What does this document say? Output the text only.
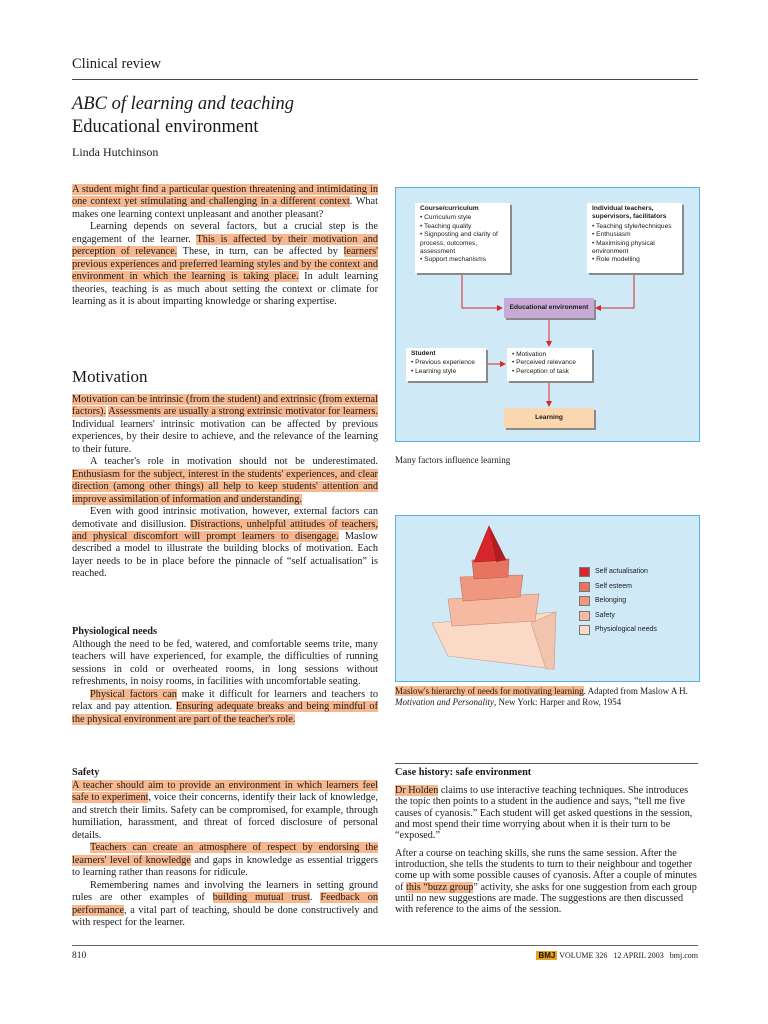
Clinical review
ABC of learning and teaching
Educational environment
Linda Hutchinson

A student might find a particular question threatening and intimidating in one context yet stimulating and challenging in a different context. What makes one learning context unpleasant and another pleasant?

Learning depends on several factors, but a crucial step is the engagement of the learner. This is affected by their motivation and perception of relevance. These, in turn, can be affected by learners' previous experiences and preferred learning styles and by the context and environment in which the learning is taking place. In adult learning theories, teaching is as much about setting the context or climate for learning as it is about imparting knowledge or sharing expertise.

Motivation

Motivation can be intrinsic (from the student) and extrinsic (from external factors). Assessments are usually a strong extrinsic motivator for learners. Individual learners' intrinsic motivation can be affected by previous experiences, by their desire to achieve, and the relevance of the learning to their future.

A teacher's role in motivation should not be underestimated. Enthusiasm for the subject, interest in the students' experiences, and clear direction (among other things) all help to keep students' attention and improve assimilation of information and understanding.

Even with good intrinsic motivation, however, external factors can demotivate and disillusion. Distractions, unhelpful attitudes of teachers, and physical discomfort will prompt learners to disengage. Maslow described a model to illustrate the building blocks of motivation. Each layer needs to be in place before the pinnacle of “self actualisation” is reached.

Physiological needs

Although the need to be fed, watered, and comfortable seems trite, many teachers will have experienced, for example, the difficulties of running sessions in cold or overheated rooms, in long sessions without refreshments, in noisy rooms, in facilities with uncomfortable seating.

Physical factors can make it difficult for learners and teachers to relax and pay attention. Ensuring adequate breaks and being mindful of the physical environment are part of the teacher's role.

Safety

A teacher should aim to provide an environment in which learners feel safe to experiment, voice their concerns, identify their lack of knowledge, and stretch their limits. Safety can be compromised, for example, through humiliation, harassment, and threat of forced disclosure of personal details.

Teachers can create an atmosphere of respect by endorsing the learners' level of knowledge and gaps in knowledge as essential triggers to learning rather than reasons for ridicule.

Remembering names and involving the learners in setting ground rules are other examples of building mutual trust. Feedback on performance, a vital part of teaching, should be done constructively and with respect for the learner.

Course/curriculum
• Curriculum style
• Teaching quality
• Signposting and clarity of process, outcomes, assessment
• Support mechanisms
Individual teachers, supervisors, facilitators
• Teaching style/techniques
• Enthusiasm
• Maximising physical environment
• Role modelling
Educational environment
Student
• Previous experience
• Learning style
• Motivation
• Perceived relevance
• Perception of task
Learning
Many factors influence learning
Self actualisation
Self esteem
Belonging
Safety
Physiological needs
Maslow's hierarchy of needs for motivating learning. Adapted from Maslow A H. Motivation and Personality, New York: Harper and Row, 1954
Case history: safe environment

Dr Holden claims to use interactive teaching techniques. She introduces the topic then points to a student in the audience and says, “tell me five causes of cyanosis.” Each student will get asked questions in the session, and most spend their time worrying about when it is their turn to be “exposed.”

After a course on teaching skills, she runs the same session. After the introduction, she tells the students to turn to their neighbour and together come up with some possible causes of cyanosis. After a couple of minutes of this “buzz group” activity, she asks for one suggestion from each group until no new suggestions are made. The suggestions are then discussed with reference to the aims of the session.

810	BMJ VOLUME 326   12 APRIL 2003   bmj.com
